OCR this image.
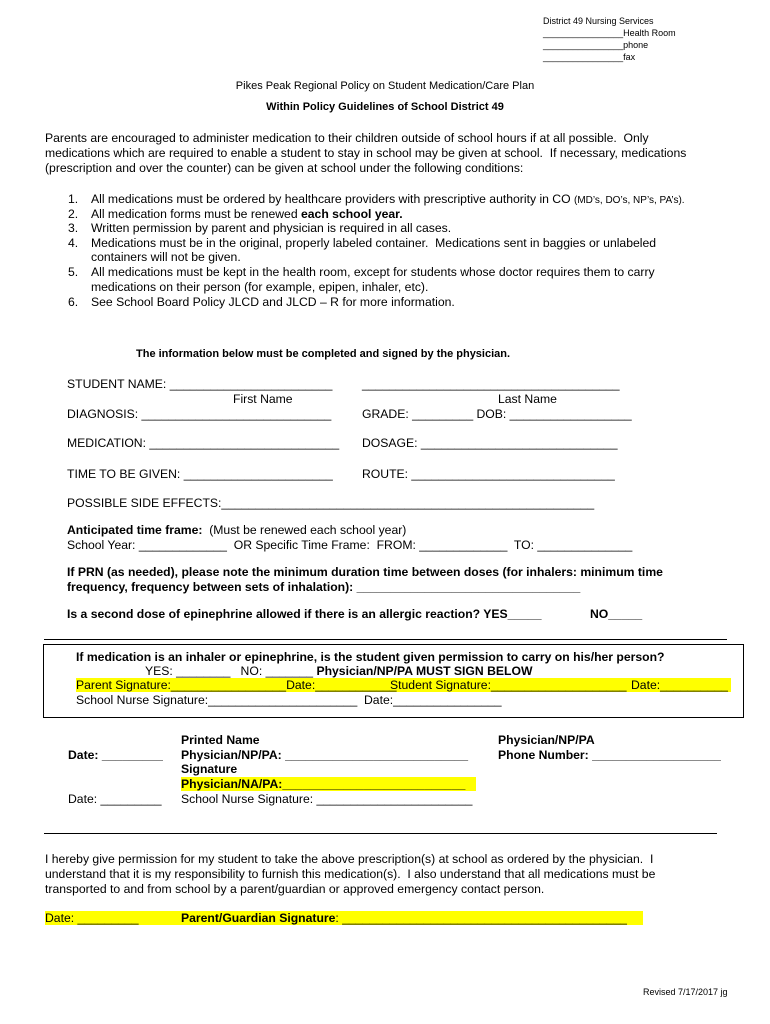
District 49 Nursing Services
________________Health Room
________________phone
________________fax
Pikes Peak Regional Policy on Student Medication/Care Plan
Within Policy Guidelines of School District 49
Parents are encouraged to administer medication to their children outside of school hours if at all possible.  Only
medications which are required to enable a student to stay in school may be given at school.  If necessary, medications
(prescription and over the counter) can be given at school under the following conditions:
1. All medications must be ordered by healthcare providers with prescriptive authority in CO (MD’s, DO’s, NP’s, PA’s).
2. All medication forms must be renewed each school year.
3. Written permission by parent and physician is required in all cases.
4. Medications must be in the original, properly labeled container.  Medications sent in baggies or unlabeled
containers will not be given.
5. All medications must be kept in the health room, except for students whose doctor requires them to carry
medications on their person (for example, epipen, inhaler, etc).
6. See School Board Policy JLCD and JLCD – R for more information.
The information below must be completed and signed by the physician.
STUDENT NAME: ________________________ ______________________________________
First Name	Last Name
DIAGNOSIS: ____________________________	GRADE: _________ DOB: __________________
MEDICATION: ____________________________ DOSAGE: _____________________________
TIME TO BE GIVEN: ______________________ ROUTE: ______________________________
POSSIBLE SIDE EFFECTS:_______________________________________________________
Anticipated time frame:  (Must be renewed each school year)
School Year: _____________  OR Specific Time Frame:  FROM: _____________  TO: ______________
If PRN (as needed), please note the minimum duration time between doses (for inhalers: minimum time
frequency, frequency between sets of inhalation): _________________________________
Is a second dose of epinephrine allowed if there is an allergic reaction? YES_____	NO_____
If medication is an inhaler or epinephrine, is the student given permission to carry on his/her person?
YES: ________   NO: _______ Physician/NP/PA MUST SIGN BELOW
Parent Signature:_________________Date:____________
Student Signature:____________________ Date:__________
School Nurse Signature:______________________  Date:________________
Printed Name	Physician/NP/PA
Date: _________ Physician/NP/PA: ___________________________ Phone Number: ___________________
Signature
Physician/NA/PA:___________________________
Date: _________ School Nurse Signature: _______________________
I hereby give permission for my student to take the above prescription(s) at school as ordered by the physician.  I
understand that it is my responsibility to furnish this medication(s).  I also understand that all medications must be
transported to and from school by a parent/guardian or approved emergency contact person.
Date: _________	Parent/Guardian Signature: __________________________________________
Revised 7/17/2017 jg
